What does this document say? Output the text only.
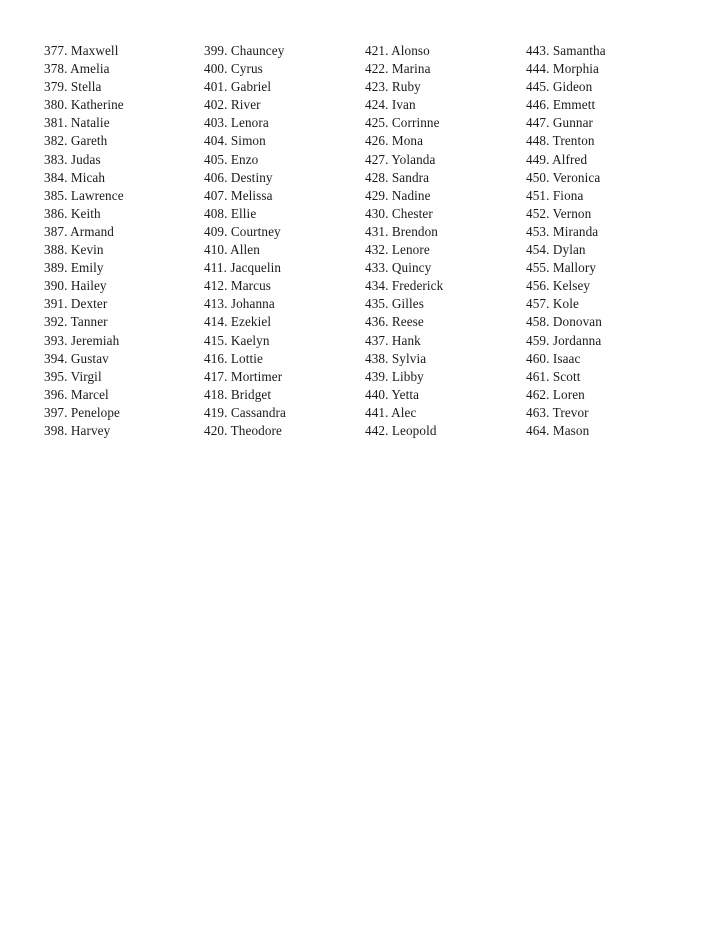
377. Maxwell
378. Amelia
379. Stella
380. Katherine
381. Natalie
382. Gareth
383. Judas
384. Micah
385. Lawrence
386. Keith
387. Armand
388. Kevin
389. Emily
390. Hailey
391. Dexter
392. Tanner
393. Jeremiah
394. Gustav
395. Virgil
396. Marcel
397. Penelope
398. Harvey
399. Chauncey
400. Cyrus
401. Gabriel
402. River
403. Lenora
404. Simon
405. Enzo
406. Destiny
407. Melissa
408. Ellie
409. Courtney
410. Allen
411. Jacquelin
412. Marcus
413. Johanna
414. Ezekiel
415. Kaelyn
416. Lottie
417. Mortimer
418. Bridget
419. Cassandra
420. Theodore
421. Alonso
422. Marina
423. Ruby
424. Ivan
425. Corrinne
426. Mona
427. Yolanda
428. Sandra
429. Nadine
430. Chester
431. Brendon
432. Lenore
433. Quincy
434. Frederick
435. Gilles
436. Reese
437. Hank
438. Sylvia
439. Libby
440. Yetta
441. Alec
442. Leopold
443. Samantha
444. Morphia
445. Gideon
446. Emmett
447. Gunnar
448. Trenton
449. Alfred
450. Veronica
451. Fiona
452. Vernon
453. Miranda
454. Dylan
455. Mallory
456. Kelsey
457. Kole
458. Donovan
459. Jordanna
460. Isaac
461. Scott
462. Loren
463. Trevor
464. Mason
